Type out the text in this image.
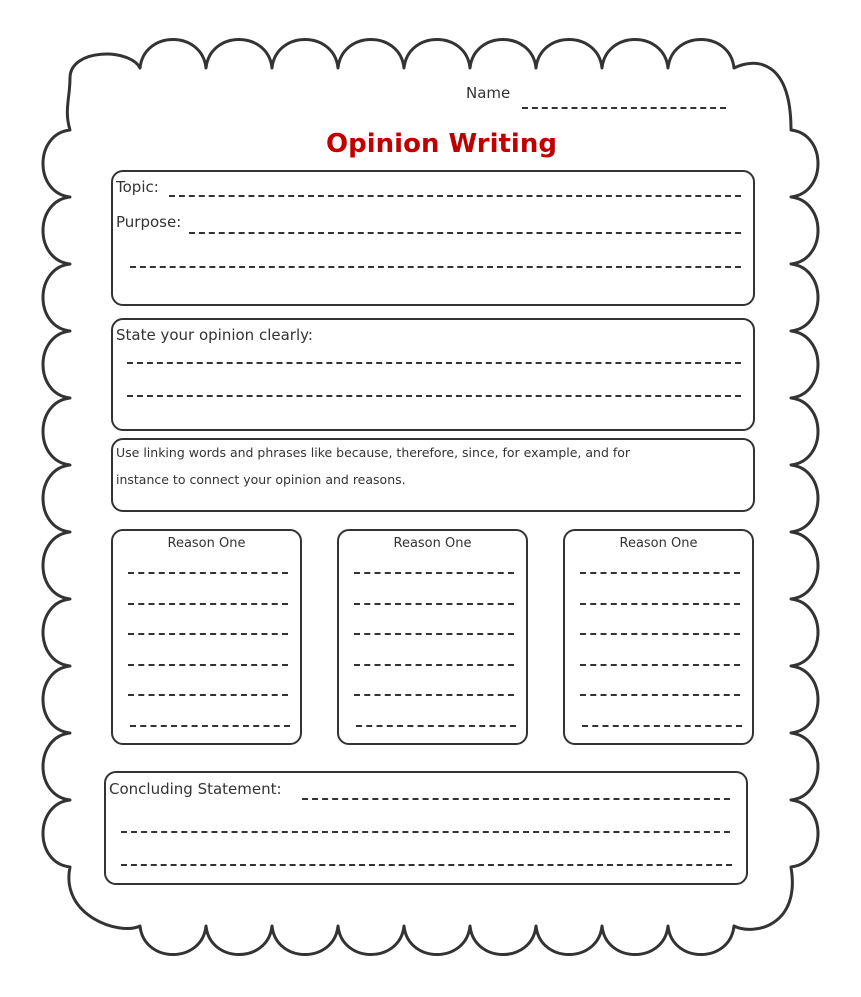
Name
Opinion Writing
Topic:
Purpose:
State your opinion clearly:
Use linking words and phrases like because, therefore, since, for example, and for
instance to connect your opinion and reasons.
Reason One	Reason One	Reason One
Concluding Statement:
